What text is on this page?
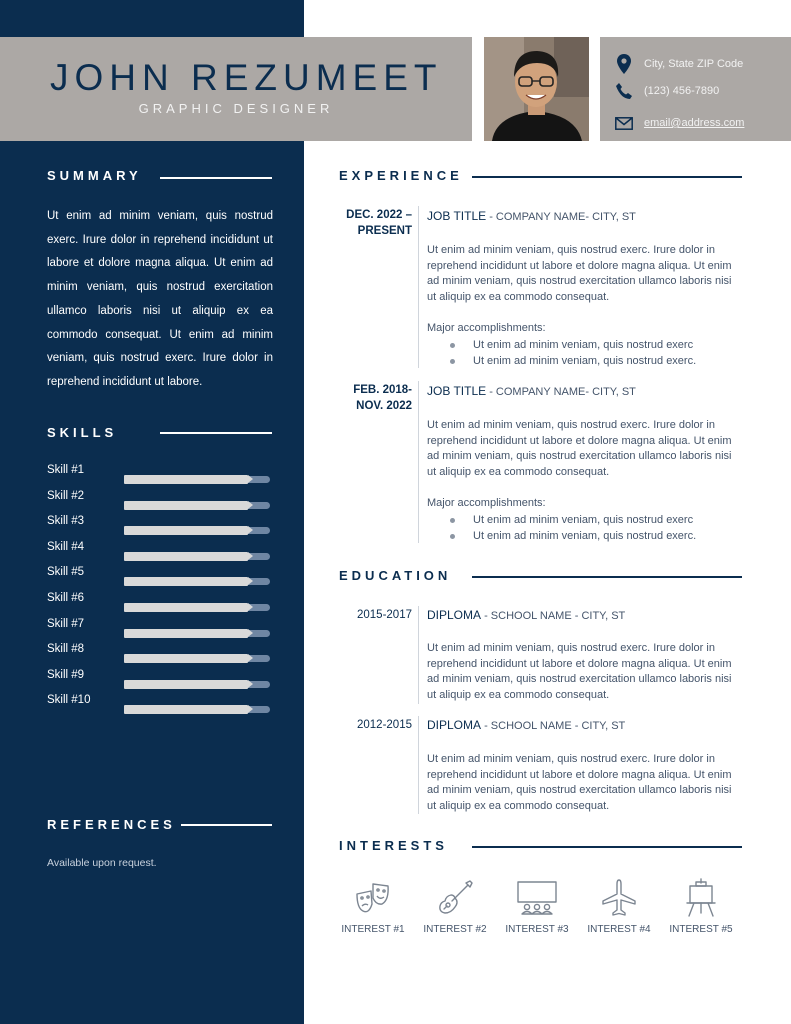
JOHN REZUMEET
GRAPHIC DESIGNER
City, State ZIP Code
(123) 456-7890
email@address.com
SUMMARY
Ut enim ad minim veniam, quis nostrud exerc. Irure dolor in reprehend incididunt ut labore et dolore magna aliqua. Ut enim ad minim veniam, quis nostrud exercitation ullamco laboris nisi ut aliquip ex ea commodo consequat. Ut enim ad minim veniam, quis nostrud exerc. Irure dolor in reprehend incididunt ut labore.
SKILLS
Skill #1
Skill #2
Skill #3
Skill #4
Skill #5
Skill #6
Skill #7
Skill #8
Skill #9
Skill #10
REFERENCES
Available upon request.
EXPERIENCE
DEC. 2022 –
PRESENT
JOB TITLE - COMPANY NAME- CITY, ST
Ut enim ad minim veniam, quis nostrud exerc. Irure dolor in reprehend incididunt ut labore et dolore magna aliqua. Ut enim ad minim veniam, quis nostrud exercitation ullamco laboris nisi ut aliquip ex ea commodo consequat.
Major accomplishments:
Ut enim ad minim veniam, quis nostrud exerc
Ut enim ad minim veniam, quis nostrud exerc.
FEB. 2018-
NOV. 2022
JOB TITLE - COMPANY NAME- CITY, ST
Ut enim ad minim veniam, quis nostrud exerc. Irure dolor in reprehend incididunt ut labore et dolore magna aliqua. Ut enim ad minim veniam, quis nostrud exercitation ullamco laboris nisi ut aliquip ex ea commodo consequat.
Major accomplishments:
Ut enim ad minim veniam, quis nostrud exerc
Ut enim ad minim veniam, quis nostrud exerc.
EDUCATION
2015-2017 DIPLOMA - SCHOOL NAME - CITY, ST
Ut enim ad minim veniam, quis nostrud exerc. Irure dolor in reprehend incididunt ut labore et dolore magna aliqua. Ut enim ad minim veniam, quis nostrud exercitation ullamco laboris nisi ut aliquip ex ea commodo consequat.
2012-2015 DIPLOMA - SCHOOL NAME - CITY, ST
Ut enim ad minim veniam, quis nostrud exerc. Irure dolor in reprehend incididunt ut labore et dolore magna aliqua. Ut enim ad minim veniam, quis nostrud exercitation ullamco laboris nisi ut aliquip ex ea commodo consequat.
INTERESTS
INTEREST #1 INTEREST #2 INTEREST #3 INTEREST #4 INTEREST #5
